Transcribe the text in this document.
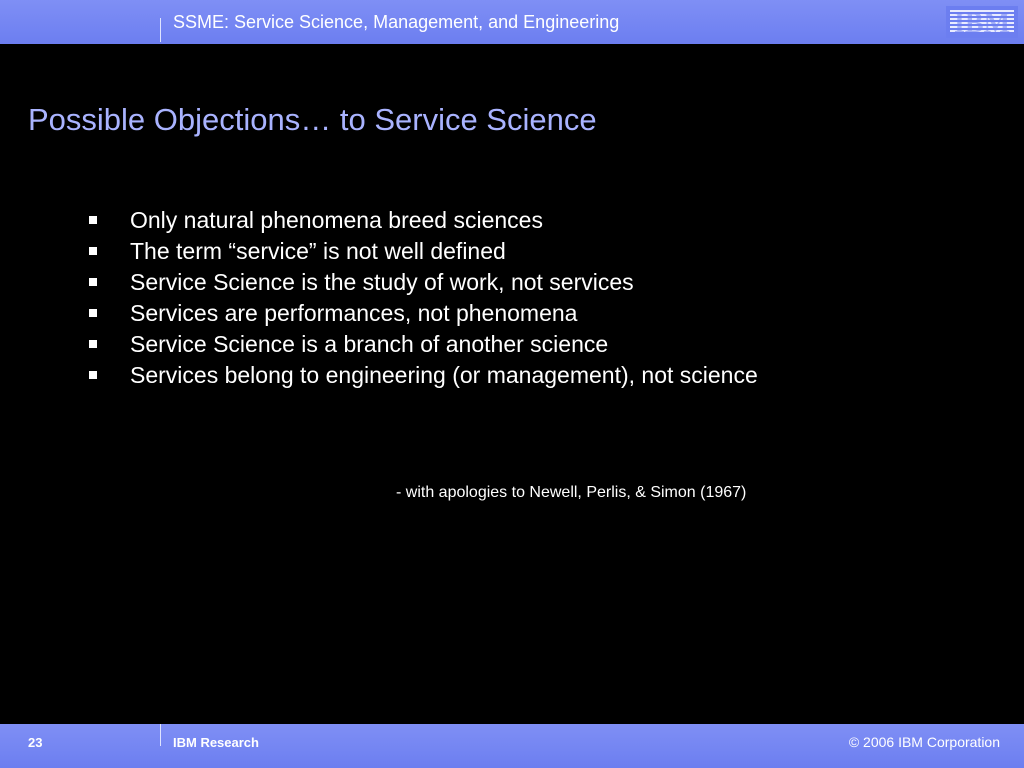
SSME: Service Science, Management, and Engineering	IBM
Possible Objections… to Service Science
Only natural phenomena breed sciences
The term “service” is not well defined
Service Science is the study of work, not services
Services are performances, not phenomena
Service Science is a branch of another science
Services belong to engineering (or management), not science
- with apologies to Newell, Perlis, & Simon (1967)
23	IBM Research	© 2006 IBM Corporation
